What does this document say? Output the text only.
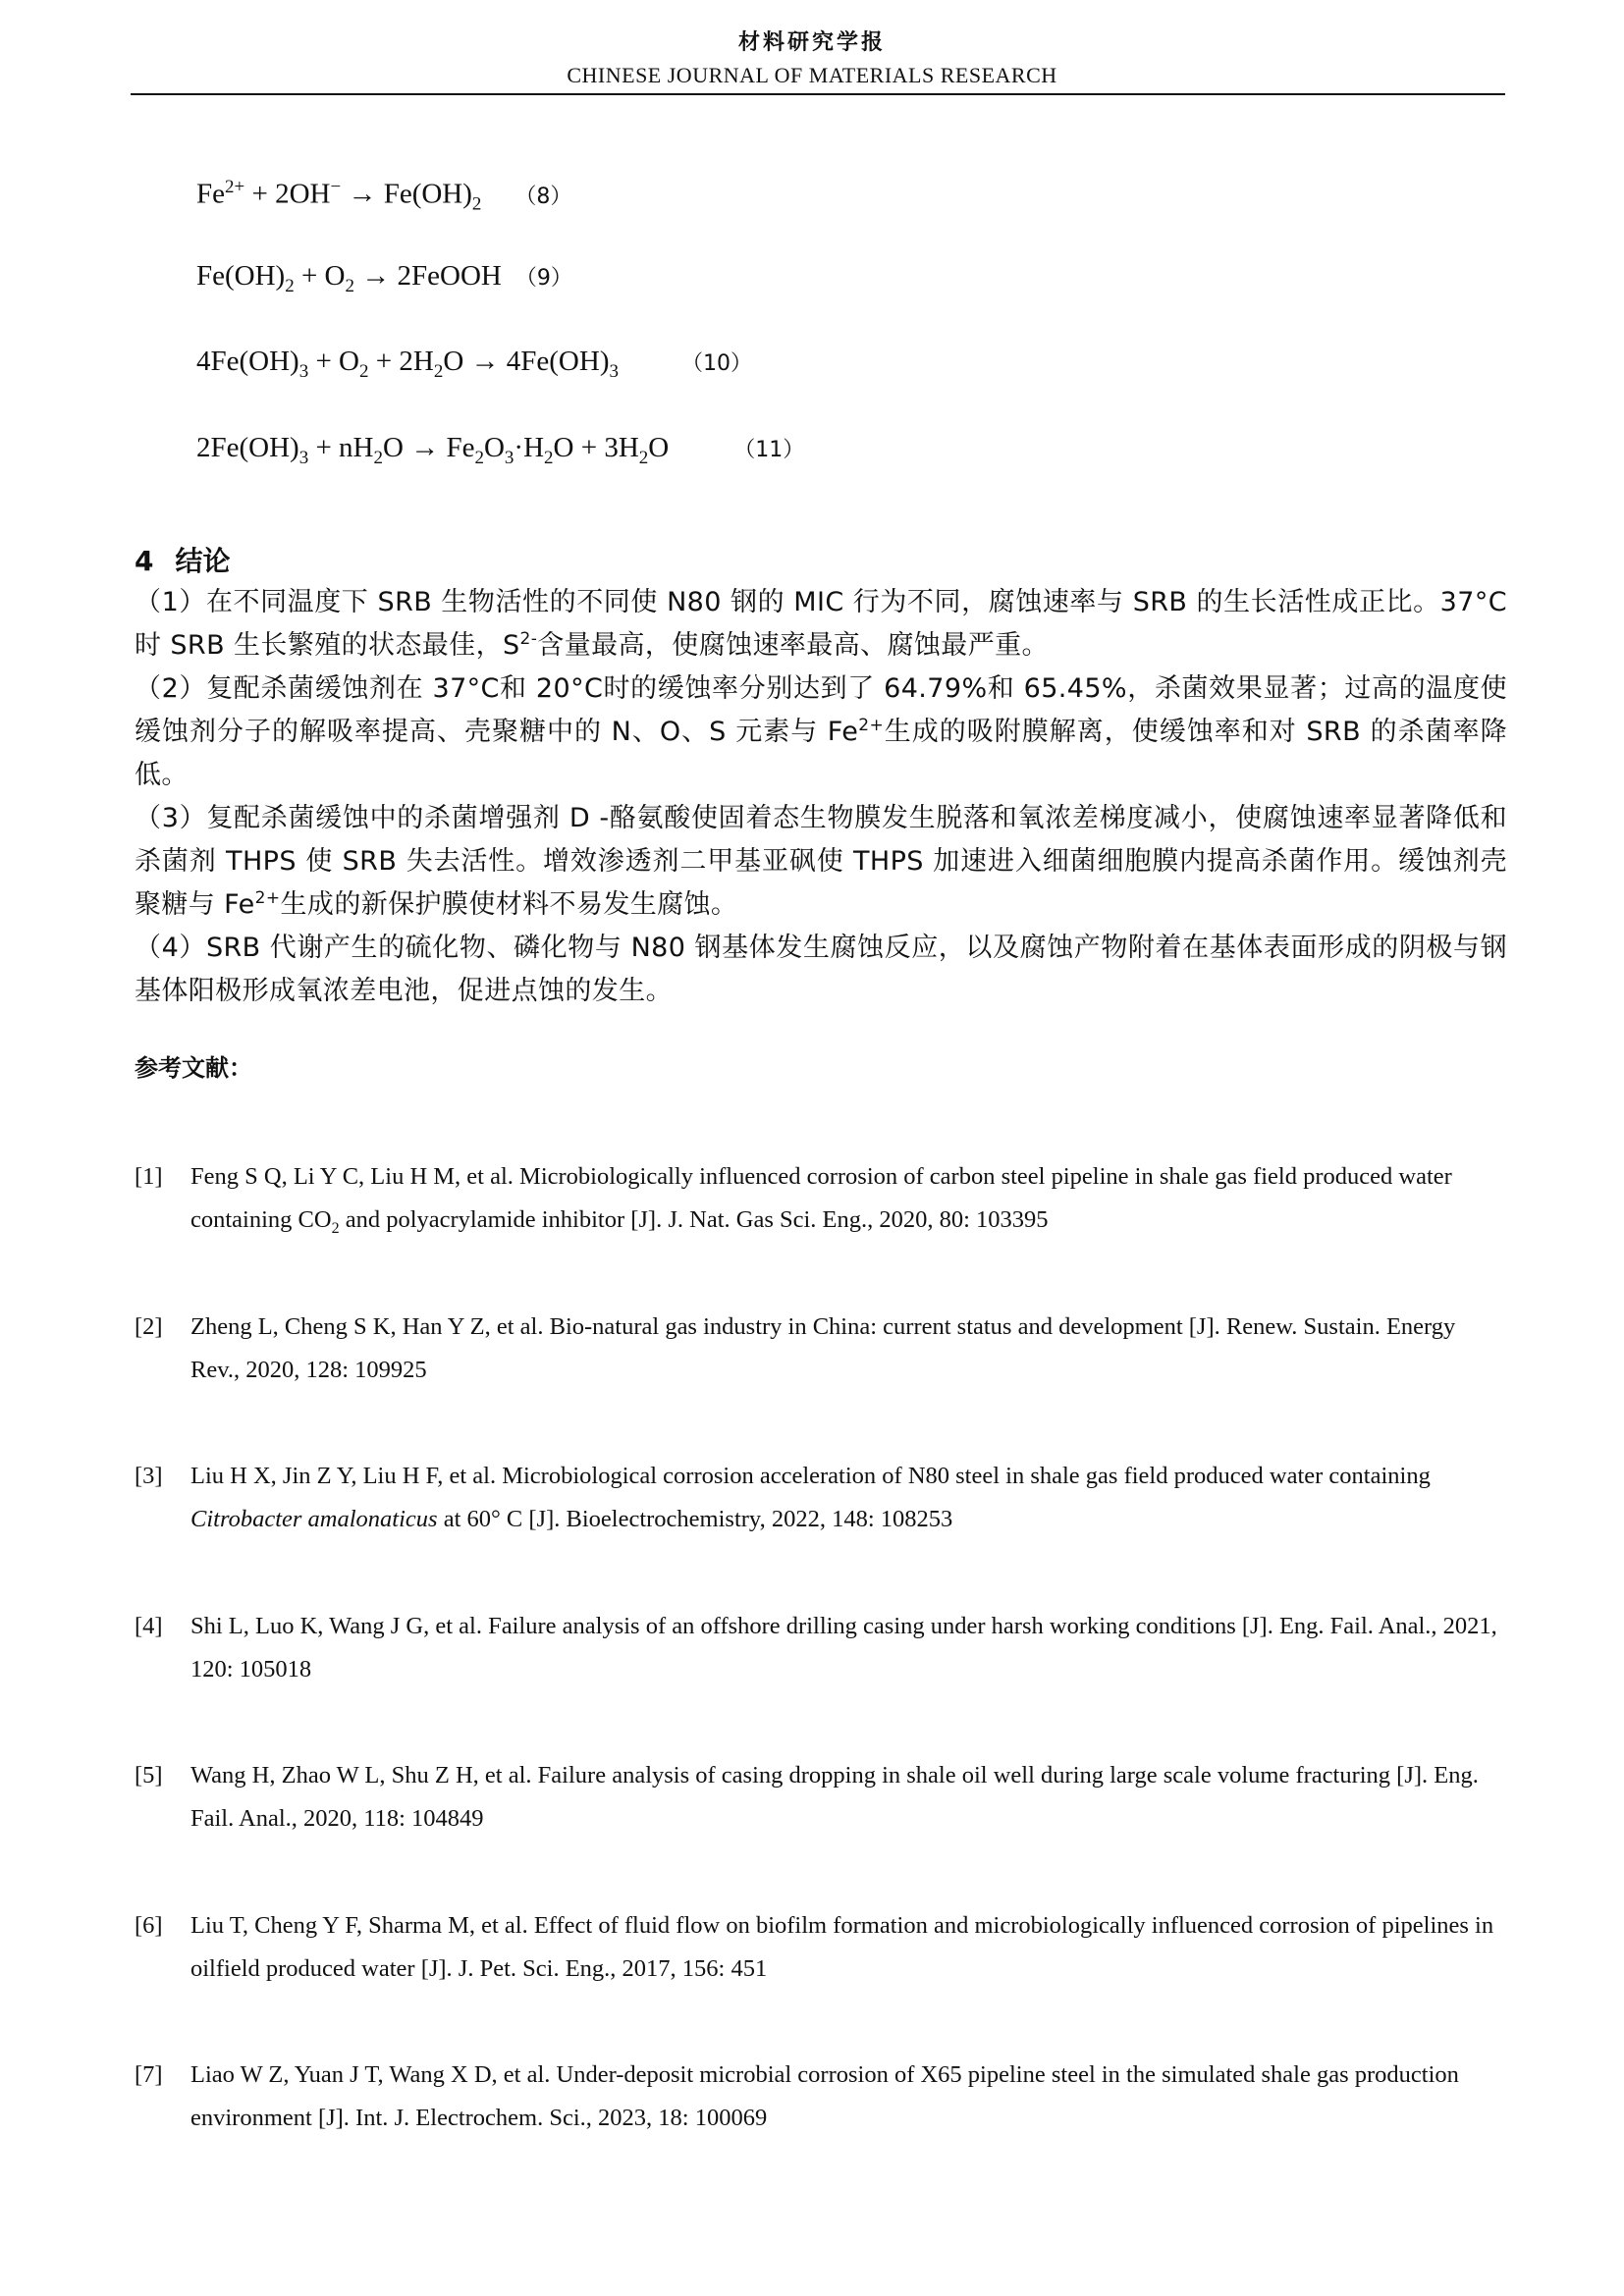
材料研究学报
CHINESE JOURNAL OF MATERIALS RESEARCH
$Fe^{2+} + 2OH^- \to Fe(OH)_2$ （8）
$Fe(OH)_2 + O_2$ → 2FeOOH （9）
$4Fe(OH)_3 + O_2 + 2H_2O \to 4Fe(OH)_3$	（10）
$2Fe(OH)_3 + nH_2O \to Fe_2O_3\cdot H_2O + 3H_2O$	（11）
4 结论

（1）在不同温度下 SRB 生物活性的不同使 N80 钢的 MIC 行为不同，腐蚀速率与 SRB 的生长活性成正比。37°C时 SRB 生长繁殖的状态最佳，$S^{2-}$含量最高，使腐蚀速率最高、腐蚀最严重。

（2）复配杀菌缓蚀剂在 37°C和 20°C时的缓蚀率分别达到了 64.79%和 65.45%，杀菌效果显著；过高的温度使缓蚀剂分子的解吸率提高、壳聚糖中的 N、O、S 元素与 $Fe^{2+}$生成的吸附膜解离，使缓蚀率和对 SRB 的杀菌率降低。

（3）复配杀菌缓蚀中的杀菌增强剂 D -酪氨酸使固着态生物膜发生脱落和氧浓差梯度减小，使腐蚀速率显著降低和杀菌剂 THPS 使 SRB 失去活性。增效渗透剂二甲基亚砜使 THPS 加速进入细菌细胞膜内提高杀菌作用。缓蚀剂壳聚糖与 $Fe^{2+}$生成的新保护膜使材料不易发生腐蚀。

（4）SRB 代谢产生的硫化物、磷化物与 N80 钢基体发生腐蚀反应，以及腐蚀产物附着在基体表面形成的阴极与钢基体阳极形成氧浓差电池，促进点蚀的发生。

参考文献：
[1] Feng S Q, Li Y C, Liu H M, et al. Microbiologically influenced corrosion of carbon steel pipeline in shale gas field produced water containing $CO_2$ and polyacrylamide inhibitor [J]. J. Nat. Gas Sci. Eng., 2020, 80: 103395
[2] Zheng L, Cheng S K, Han Y Z, et al. Bio-natural gas industry in China: current status and development [J]. Renew. Sustain. Energy Rev., 2020, 128: 109925
[3] Liu H X, Jin Z Y, Liu H F, et al. Microbiological corrosion acceleration of N80 steel in shale gas field produced water containing Citrobacter amalonaticus at 60° C [J]. Bioelectrochemistry, 2022, 148: 108253
[4] Shi L, Luo K, Wang J G, et al. Failure analysis of an offshore drilling casing under harsh working conditions [J]. Eng. Fail. Anal., 2021, 120: 105018
[5] Wang H, Zhao W L, Shu Z H, et al. Failure analysis of casing dropping in shale oil well during large scale volume fracturing [J]. Eng. Fail. Anal., 2020, 118: 104849
[6] Liu T, Cheng Y F, Sharma M, et al. Effect of fluid flow on biofilm formation and microbiologically influenced corrosion of pipelines in oilfield produced water [J]. J. Pet. Sci. Eng., 2017, 156: 451
[7] Liao W Z, Yuan J T, Wang X D, et al. Under-deposit microbial corrosion of X65 pipeline steel in the simulated shale gas production environment [J]. Int. J. Electrochem. Sci., 2023, 18: 100069
